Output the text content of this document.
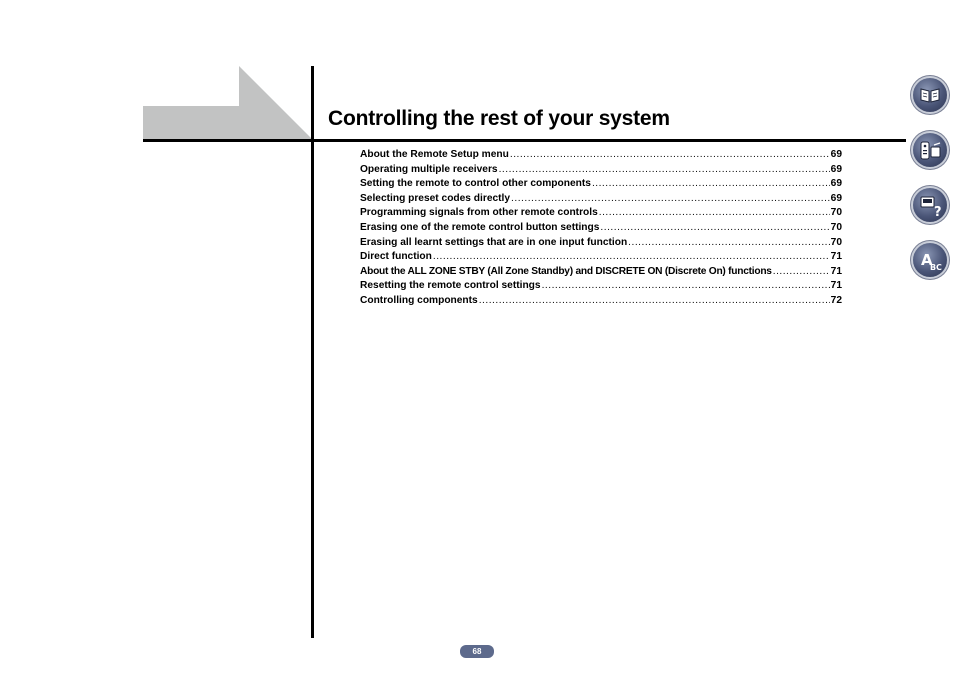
Controlling the rest of your system
About the Remote Setup menu .....	69
Operating multiple receivers .....	69
Setting the remote to control other components .....	69
Selecting preset codes directly .....	69
Programming signals from other remote controls .....	70
Erasing one of the remote control button settings .....	70
Erasing all learnt settings that are in one input function .....	70
Direct function .....	71
About the ALL ZONE STBY (All Zone Standby) and DISCRETE ON (Discrete On) functions .....	71
Resetting the remote control settings .....	71
Controlling components .....	72
?
A
B C
68
